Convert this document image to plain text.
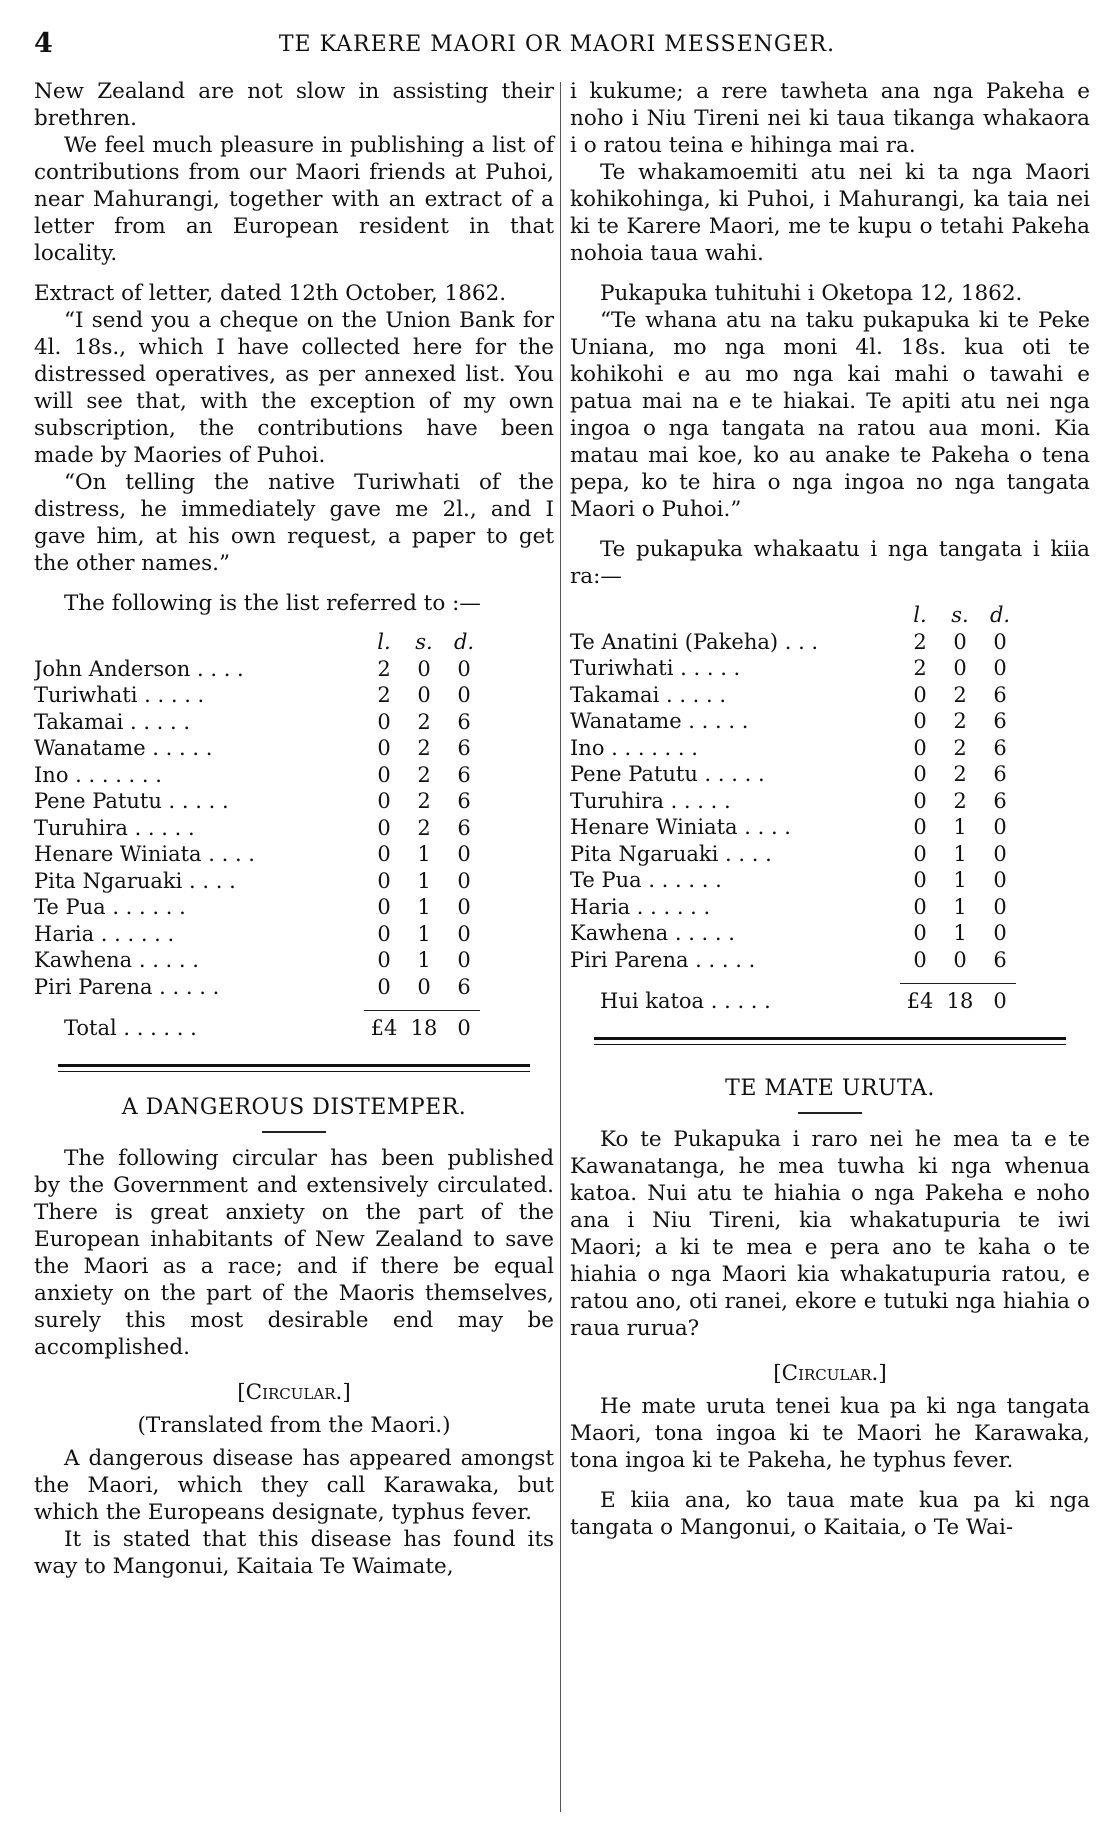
4	TE KARERE MAORI OR MAORI MESSENGER.

New Zealand are not slow in assisting their brethren.

We feel much pleasure in publishing a list of contributions from our Maori friends at Puhoi, near Mahurangi, together with an extract of a letter from an European resident in that locality.

Extract of letter, dated 12th October, 1862.

“I send you a cheque on the Union Bank for 4l. 18s., which I have collected here for the distressed operatives, as per annexed list. You will see that, with the exception of my own subscription, the contributions have been made by Maories of Puhoi.

“On telling the native Turiwhati of the distress, he immediately gave me 2l., and I gave him, at his own request, a paper to get the other names.”

The following is the list referred to :—

l.	s.	d.
John Anderson . . . .	2	0	0
Turiwhati . . . . .	2	0	0
Takamai . . . . .	0	2	6
Wanatame . . . . .	0	2	6
Ino . . . . . . .	0	2	6
Pene Patutu . . . . .	0	2	6
Turuhira . . . . .	0	2	6
Henare Winiata . . . .	0	1	0
Pita Ngaruaki . . . .	0	1	0
Te Pua . . . . . .	0	1	0
Haria . . . . . .	0	1	0
Kawhena . . . . .	0	1	0
Piri Parena . . . . .	0	0	6
Total . . . . . .	£4 18 0
A DANGEROUS DISTEMPER.

The following circular has been published by the Government and extensively circulated. There is great anxiety on the part of the European inhabitants of New Zealand to save the Maori as a race; and if there be equal anxiety on the part of the Maoris themselves, surely this most desirable end may be accomplished.

[Circular.]
(Translated from the Maori.)

A dangerous disease has appeared amongst the Maori, which they call Karawaka, but which the Europeans designate, typhus fever.

It is stated that this disease has found its way to Mangonui, Kaitaia Te Waimate,

i kukume; a rere tawheta ana nga Pakeha e noho i Niu Tireni nei ki taua tikanga whakaora i o ratou teina e hihinga mai ra.

Te whakamoemiti atu nei ki ta nga Maori kohikohinga, ki Puhoi, i Mahurangi, ka taia nei ki te Karere Maori, me te kupu o tetahi Pakeha nohoia taua wahi.

Pukapuka tuhituhi i Oketopa 12, 1862.

“Te whana atu na taku pukapuka ki te Peke Uniana, mo nga moni 4l. 18s. kua oti te kohikohi e au mo nga kai mahi o tawahi e patua mai na e te hiakai. Te apiti atu nei nga ingoa o nga tangata na ratou aua moni. Kia matau mai koe, ko au anake te Pakeha o tena pepa, ko te hira o nga ingoa no nga tangata Maori o Puhoi.”

Te pukapuka whakaatu i nga tangata i kiia ra:—

l.	s.	d.
Te Anatini (Pakeha) . . .	2	0	0
Turiwhati . . . . .	2	0	0
Takamai . . . . .	0	2	6
Wanatame . . . . .	0	2	6
Ino . . . . . . .	0	2	6
Pene Patutu . . . . .	0	2	6
Turuhira . . . . .	0	2	6
Henare Winiata . . . .	0	1	0
Pita Ngaruaki . . . .	0	1	0
Te Pua . . . . . .	0	1	0
Haria . . . . . .	0	1	0
Kawhena . . . . .	0	1	0
Piri Parena . . . . .	0	0	6
Hui katoa . . . . .	£4 18 0
TE MATE URUTA.

Ko te Pukapuka i raro nei he mea ta e te Kawanatanga, he mea tuwha ki nga whenua katoa. Nui atu te hiahia o nga Pakeha e noho ana i Niu Tireni, kia whakatupuria te iwi Maori; a ki te mea e pera ano te kaha o te hiahia o nga Maori kia whakatupuria ratou, e ratou ano, oti ranei, ekore e tutuki nga hiahia o raua rurua?

[Circular.]

He mate uruta tenei kua pa ki nga tangata Maori, tona ingoa ki te Maori he Karawaka, tona ingoa ki te Pakeha, he typhus fever.

E kiia ana, ko taua mate kua pa ki nga tangata o Mangonui, o Kaitaia, o Te Wai-
